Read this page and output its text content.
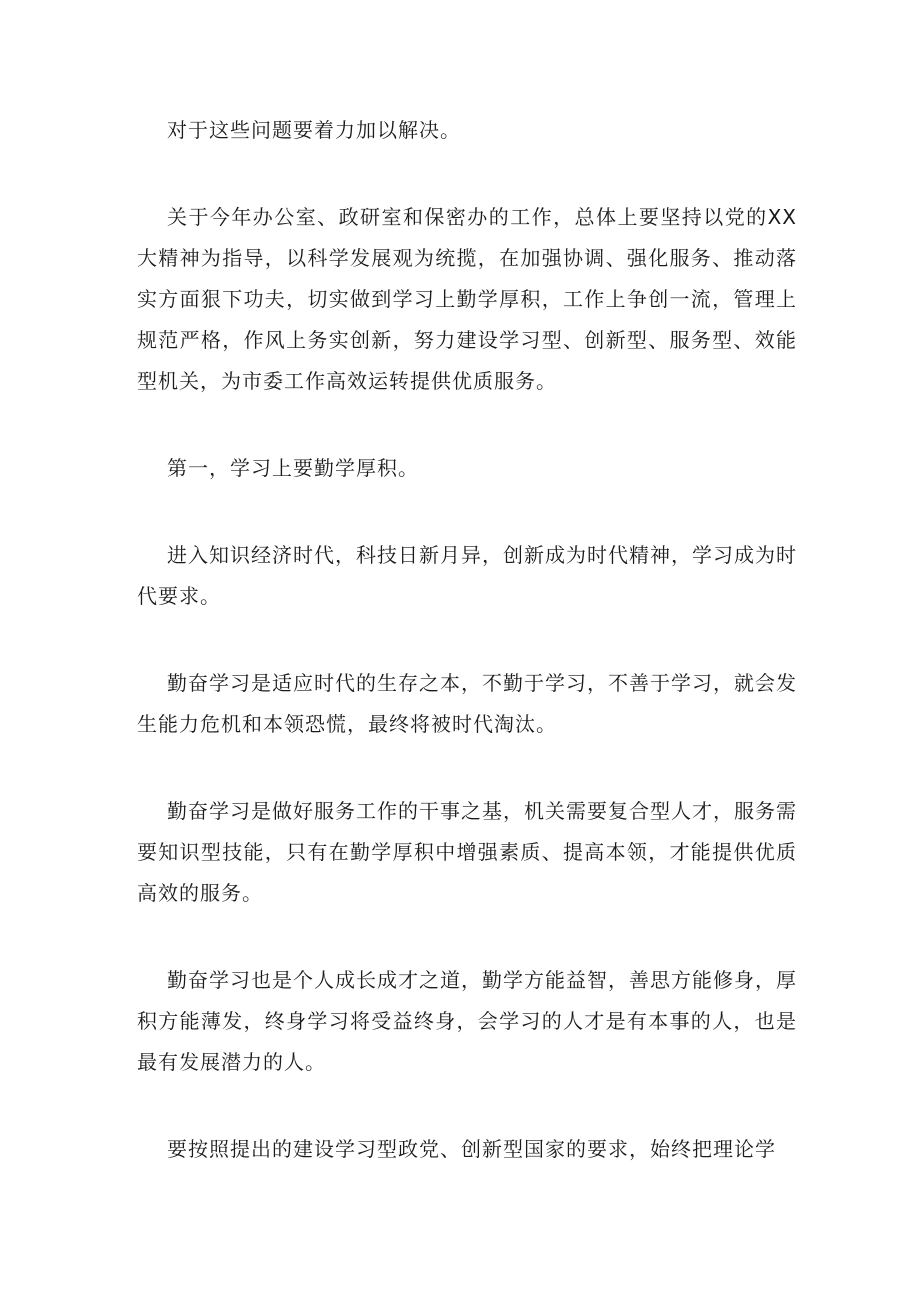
对于这些问题要着力加以解决。

关于今年办公室、政研室和保密办的工作，总体上要坚持以党的XX大精神为指导，以科学发展观为统揽，在加强协调、强化服务、推动落实方面狠下功夫，切实做到学习上勤学厚积，工作上争创一流，管理上规范严格，作风上务实创新，努力建设学习型、创新型、服务型、效能型机关，为市委工作高效运转提供优质服务。

第一，学习上要勤学厚积。

进入知识经济时代，科技日新月异，创新成为时代精神，学习成为时代要求。

勤奋学习是适应时代的生存之本，不勤于学习，不善于学习，就会发生能力危机和本领恐慌，最终将被时代淘汰。

勤奋学习是做好服务工作的干事之基，机关需要复合型人才，服务需要知识型技能，只有在勤学厚积中增强素质、提高本领，才能提供优质高效的服务。

勤奋学习也是个人成长成才之道，勤学方能益智，善思方能修身，厚积方能薄发，终身学习将受益终身，会学习的人才是有本事的人，也是最有发展潜力的人。

要按照提出的建设学习型政党、创新型国家的要求，始终把理论学
